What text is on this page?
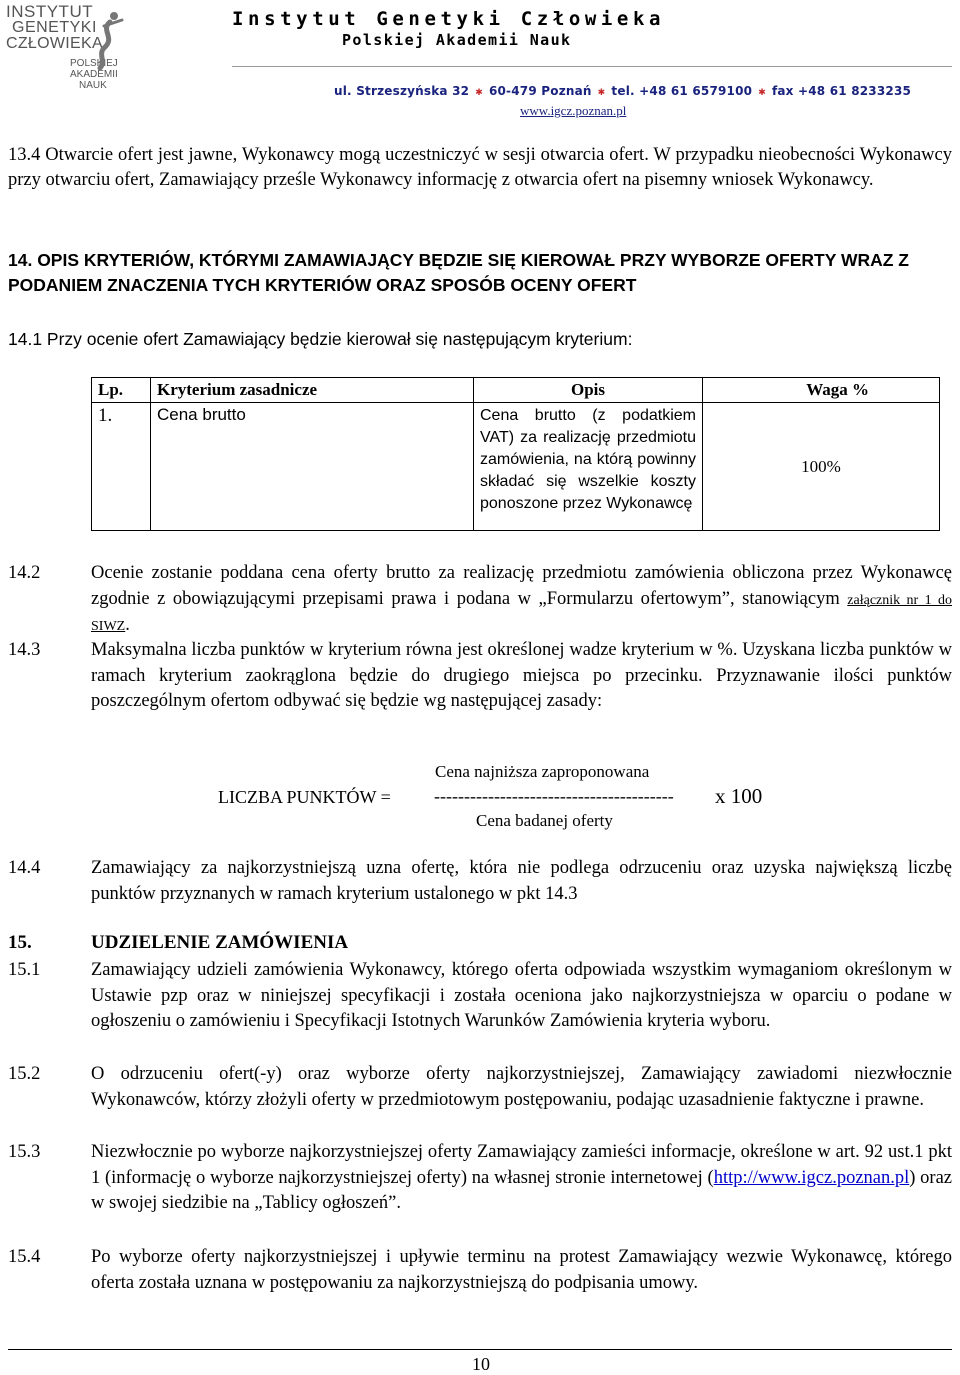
INSTYTUT
GENETYKI
CZŁOWIEKA
POLSKIEJ
AKADEMII
NAUK
Instytut Genetyki Człowieka
Polskiej Akademii Nauk
ul. Strzeszyńska 32 ✱ 60-479 Poznań ✱ tel. +48 61 6579100 ✱ fax +48 61 8233235
www.igcz.poznan.pl
13.4 Otwarcie ofert jest jawne, Wykonawcy mogą uczestniczyć w sesji otwarcia ofert. W przypadku nieobecności Wykonawcy przy otwarciu ofert, Zamawiający prześle Wykonawcy informację z otwarcia ofert na pisemny wniosek Wykonawcy.
14. OPIS KRYTERIÓW, KTÓRYMI ZAMAWIAJĄCY BĘDZIE SIĘ KIEROWAŁ PRZY WYBORZE OFERTY WRAZ Z PODANIEM ZNACZENIA TYCH KRYTERIÓW ORAZ SPOSÓB OCENY OFERT
14.1 Przy ocenie ofert Zamawiający będzie kierował się następującym kryterium:
Lp.	Kryterium zasadnicze	Opis	Waga %
1.	Cena brutto	Cena brutto (z podatkiem VAT) za realizację przedmiotu zamówienia, na którą powinny składać się wszelkie koszty ponoszone przez Wykonawcę	100%
14.2	Ocenie zostanie poddana cena oferty brutto za realizację przedmiotu zamówienia obliczona przez Wykonawcę zgodnie z obowiązującymi przepisami prawa i podana w „Formularzu ofertowym”, stanowiącym załącznik nr 1 do SIWZ.
14.3	Maksymalna liczba punktów w kryterium równa jest określonej wadze kryterium w %. Uzyskana liczba punktów w ramach kryterium zaokrąglona będzie do drugiego miejsca po przecinku. Przyznawanie ilości punktów poszczególnym ofertom odbywać się będzie wg następującej zasady:
Cena najniższa zaproponowana
LICZBA PUNKTÓW = ---------------------------------------- x 100
Cena badanej oferty
14.4	Zamawiający za najkorzystniejszą uzna ofertę, która nie podlega odrzuceniu oraz uzyska największą liczbę punktów przyznanych w ramach kryterium ustalonego w pkt 14.3
15.	UDZIELENIE ZAMÓWIENIA
15.1	Zamawiający udzieli zamówienia Wykonawcy, którego oferta odpowiada wszystkim wymaganiom określonym w Ustawie pzp oraz w niniejszej specyfikacji i została oceniona jako najkorzystniejsza w oparciu o podane w ogłoszeniu o zamówieniu i Specyfikacji Istotnych Warunków Zamówienia kryteria wyboru.
15.2	O odrzuceniu ofert(-y) oraz wyborze oferty najkorzystniejszej, Zamawiający zawiadomi niezwłocznie Wykonawców, którzy złożyli oferty w przedmiotowym postępowaniu, podając uzasadnienie faktyczne i prawne.
15.3	Niezwłocznie po wyborze najkorzystniejszej oferty Zamawiający zamieści informacje, określone w art. 92 ust.1 pkt 1 (informację o wyborze najkorzystniejszej oferty) na własnej stronie internetowej (http://www.igcz.poznan.pl) oraz w swojej siedzibie na „Tablicy ogłoszeń”.
15.4	Po wyborze oferty najkorzystniejszej i upływie terminu na protest Zamawiający wezwie Wykonawcę, którego oferta została uznana w postępowaniu za najkorzystniejszą do podpisania umowy.
10
